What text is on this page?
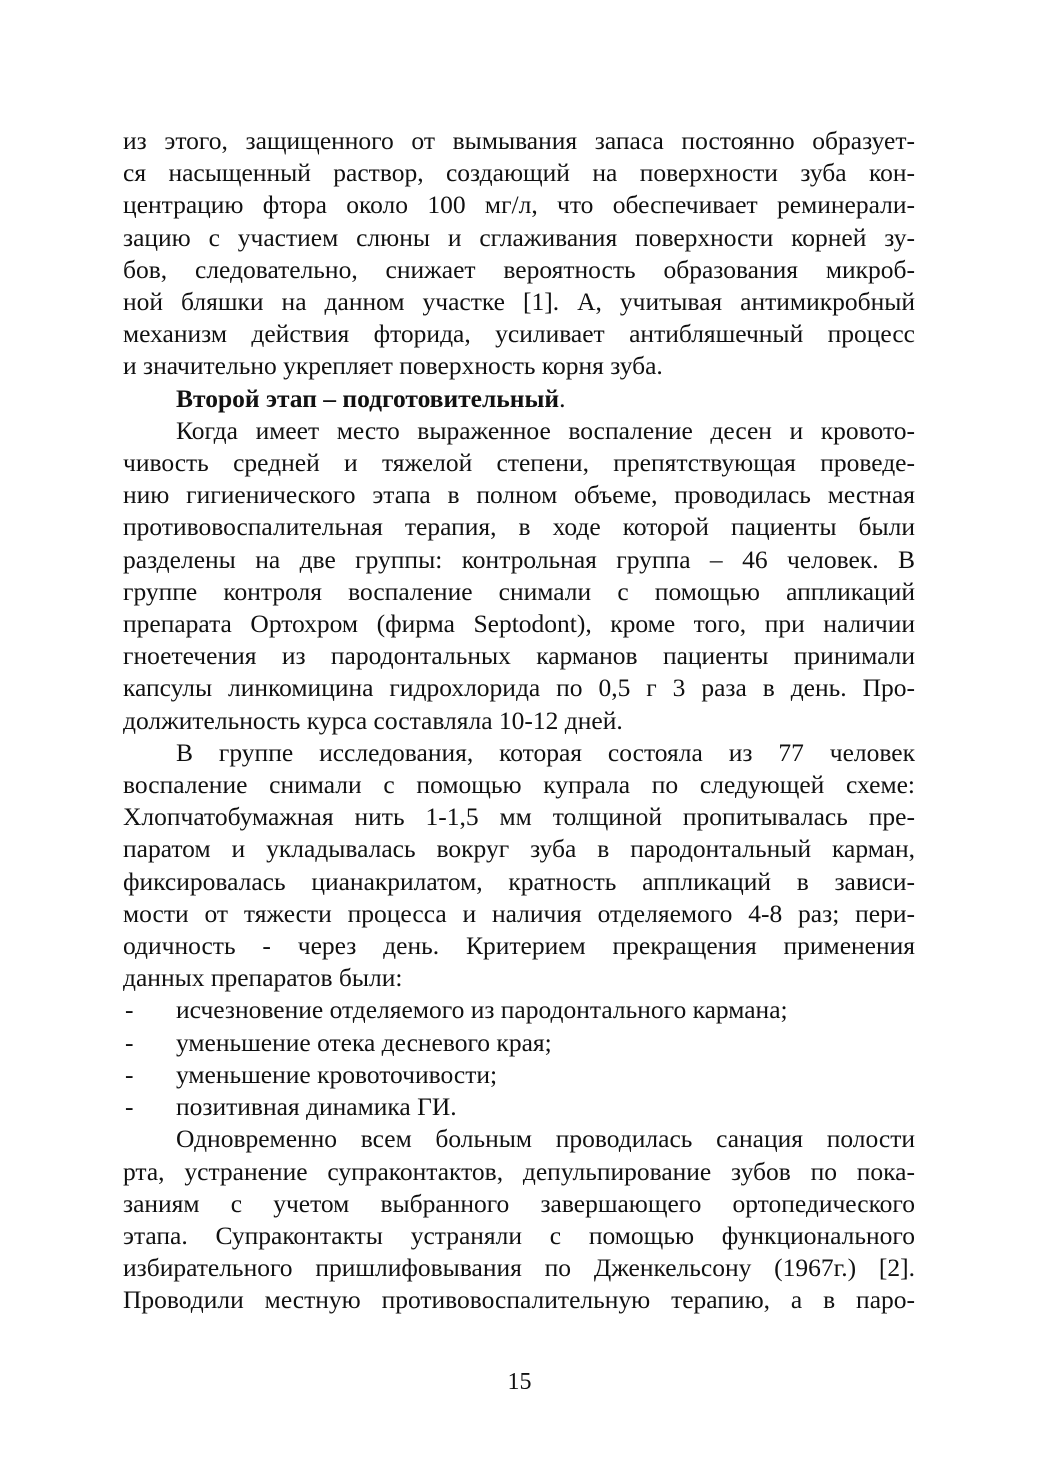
из этого, защищенного от вымывания запаса постоянно образует-
ся насыщенный раствор, создающий на поверхности зуба кон-
центрацию фтора около 100 мг/л, что обеспечивает реминерали-
зацию с участием слюны и сглаживания поверхности корней зу-
бов, следовательно, снижает вероятность образования микроб-
ной бляшки на данном участке [1]. А, учитывая антимикробный
механизм действия фторида, усиливает антибляшечный процесс
и значительно укрепляет поверхность корня зуба.

Второй этап – подготовительный.

Когда имеет место выраженное воспаление десен и кровото-
чивость средней и тяжелой степени, препятствующая проведе-
нию гигиенического этапа в полном объеме, проводилась местная
противовоспалительная терапия, в ходе которой пациенты были
разделены на две группы: контрольная группа – 46 человек. В
группе контроля воспаление снимали с помощью аппликаций
препарата Ортохром (фирма Septodont), кроме того, при наличии
гноетечения из пародонтальных карманов пациенты принимали
капсулы линкомицина гидрохлорида по 0,5 г 3 раза в день. Про-
должительность курса составляла 10-12 дней.

В группе исследования, которая состояла из 77 человек
воспаление снимали с помощью купрала по следующей схеме:
Хлопчатобумажная нить 1-1,5 мм толщиной пропитывалась пре-
паратом и укладывалась вокруг зуба в пародонтальный карман,
фиксировалась цианакрилатом, кратность аппликаций в зависи-
мости от тяжести процесса и наличия отделяемого 4-8 раз; пери-
одичность - через день. Критерием прекращения применения
данных препаратов были:

- исчезновение отделяемого из пародонтального кармана;
- уменьшение отека десневого края;
- уменьшение кровоточивости;
- позитивная динамика ГИ.

Одновременно всем больным проводилась санация полости
рта, устранение супраконтактов, депульпирование зубов по пока-
заниям с учетом выбранного завершающего ортопедического
этапа. Супраконтакты устраняли с помощью функционального
избирательного пришлифовывания по Дженкельсону (1967г.) [2].
Проводили местную противовоспалительную терапию, а в паро-

15
